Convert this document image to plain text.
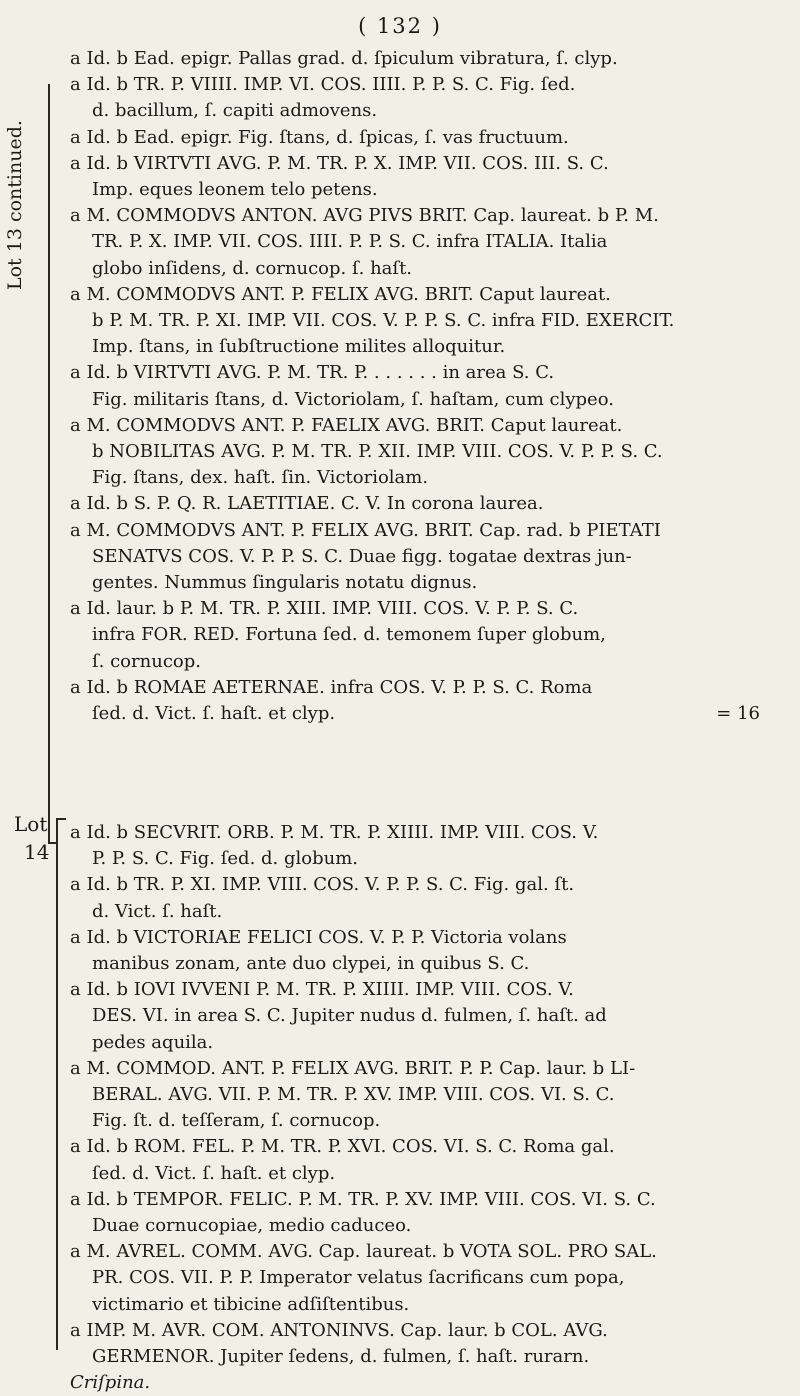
( 132 )
Lot 13 continued.
Lot
14

a Id. b Ead. epigr. Pallas grad. d. ſpiculum vibratura, ſ. clyp.

a Id. b TR. P. VIIII. IMP. VI. COS. IIII. P. P. S. C. Fig. ſed.
d. bacillum, ſ. capiti admovens.

a Id. b Ead. epigr. Fig. ſtans, d. ſpicas, ſ. vas fructuum.

a Id. b VIRTVTI AVG. P. M. TR. P. X. IMP. VII. COS. III. S. C.
Imp. eques leonem telo petens.

a M. COMMODVS ANTON. AVG PIVS BRIT. Cap. laureat. b P. M.
TR. P. X. IMP. VII. COS. IIII. P. P. S. C. infra ITALIA. Italia

globo inſidens, d. cornucop. ſ. haſt.

a M. COMMODVS ANT. P. FELIX AVG. BRIT. Caput laureat.
b P. M. TR. P. XI. IMP. VII. COS. V. P. P. S. C. infra FID. EXERCIT.

Imp. ſtans, in ſubſtructione milites alloquitur.

a Id. b VIRTVTI AVG. P. M. TR. P. . . . . . . in area S. C.
Fig. militaris ſtans, d. Victoriolam, ſ. haſtam, cum clypeo.

a M. COMMODVS ANT. P. FAELIX AVG. BRIT. Caput laureat.
b NOBILITAS AVG. P. M. TR. P. XII. IMP. VIII. COS. V. P. P. S. C.

Fig. ſtans, dex. haſt. ſin. Victoriolam.

a Id. b S. P. Q. R. LAETITIAE. C. V. In corona laurea.

a M. COMMODVS ANT. P. FELIX AVG. BRIT. Cap. rad. b PIETATI
SENATVS COS. V. P. P. S. C. Duae figg. togatae dextras jun-

gentes. Nummus ſingularis notatu dignus.

a Id. laur. b P. M. TR. P. XIII. IMP. VIII. COS. V. P. P. S. C.
infra FOR. RED. Fortuna ſed. d. temonem ſuper globum,

ſ. cornucop.

a Id. b ROMAE AETERNAE. infra COS. V. P. P. S. C. Roma
ſed. d. Vict. ſ. haſt. et clyp.	= 16

a Id. b SECVRIT. ORB. P. M. TR. P. XIIII. IMP. VIII. COS. V.
P. P. S. C. Fig. ſed. d. globum.

a Id. b TR. P. XI. IMP. VIII. COS. V. P. P. S. C. Fig. gal. ſt.
d. Vict. ſ. haſt.

a Id. b VICTORIAE FELICI COS. V. P. P. Victoria volans
manibus zonam, ante duo clypei, in quibus S. C.

a Id. b IOVI IVVENI P. M. TR. P. XIIII. IMP. VIII. COS. V.
DES. VI. in area S. C. Jupiter nudus d. fulmen, ſ. haſt. ad

pedes aquila.

a M. COMMOD. ANT. P. FELIX AVG. BRIT. P. P. Cap. laur. b LI-
BERAL. AVG. VII. P. M. TR. P. XV. IMP. VIII. COS. VI. S. C.

Fig. ſt. d. teſſeram, ſ. cornucop.

a Id. b ROM. FEL. P. M. TR. P. XVI. COS. VI. S. C. Roma gal.
ſed. d. Vict. ſ. haſt. et clyp.

a Id. b TEMPOR. FELIC. P. M. TR. P. XV. IMP. VIII. COS. VI. S. C.
Duae cornucopiae, medio caduceo.

a M. AVREL. COMM. AVG. Cap. laureat. b VOTA SOL. PRO SAL.
PR. COS. VII. P. P. Imperator velatus ſacrificans cum popa,

victimario et tibicine adſiſtentibus.

a IMP. M. AVR. COM. ANTONINVS. Cap. laur. b COL. AVG.
GERMENOR. Jupiter ſedens, d. fulmen, ſ. haſt. rurarn.

Criſpina.
